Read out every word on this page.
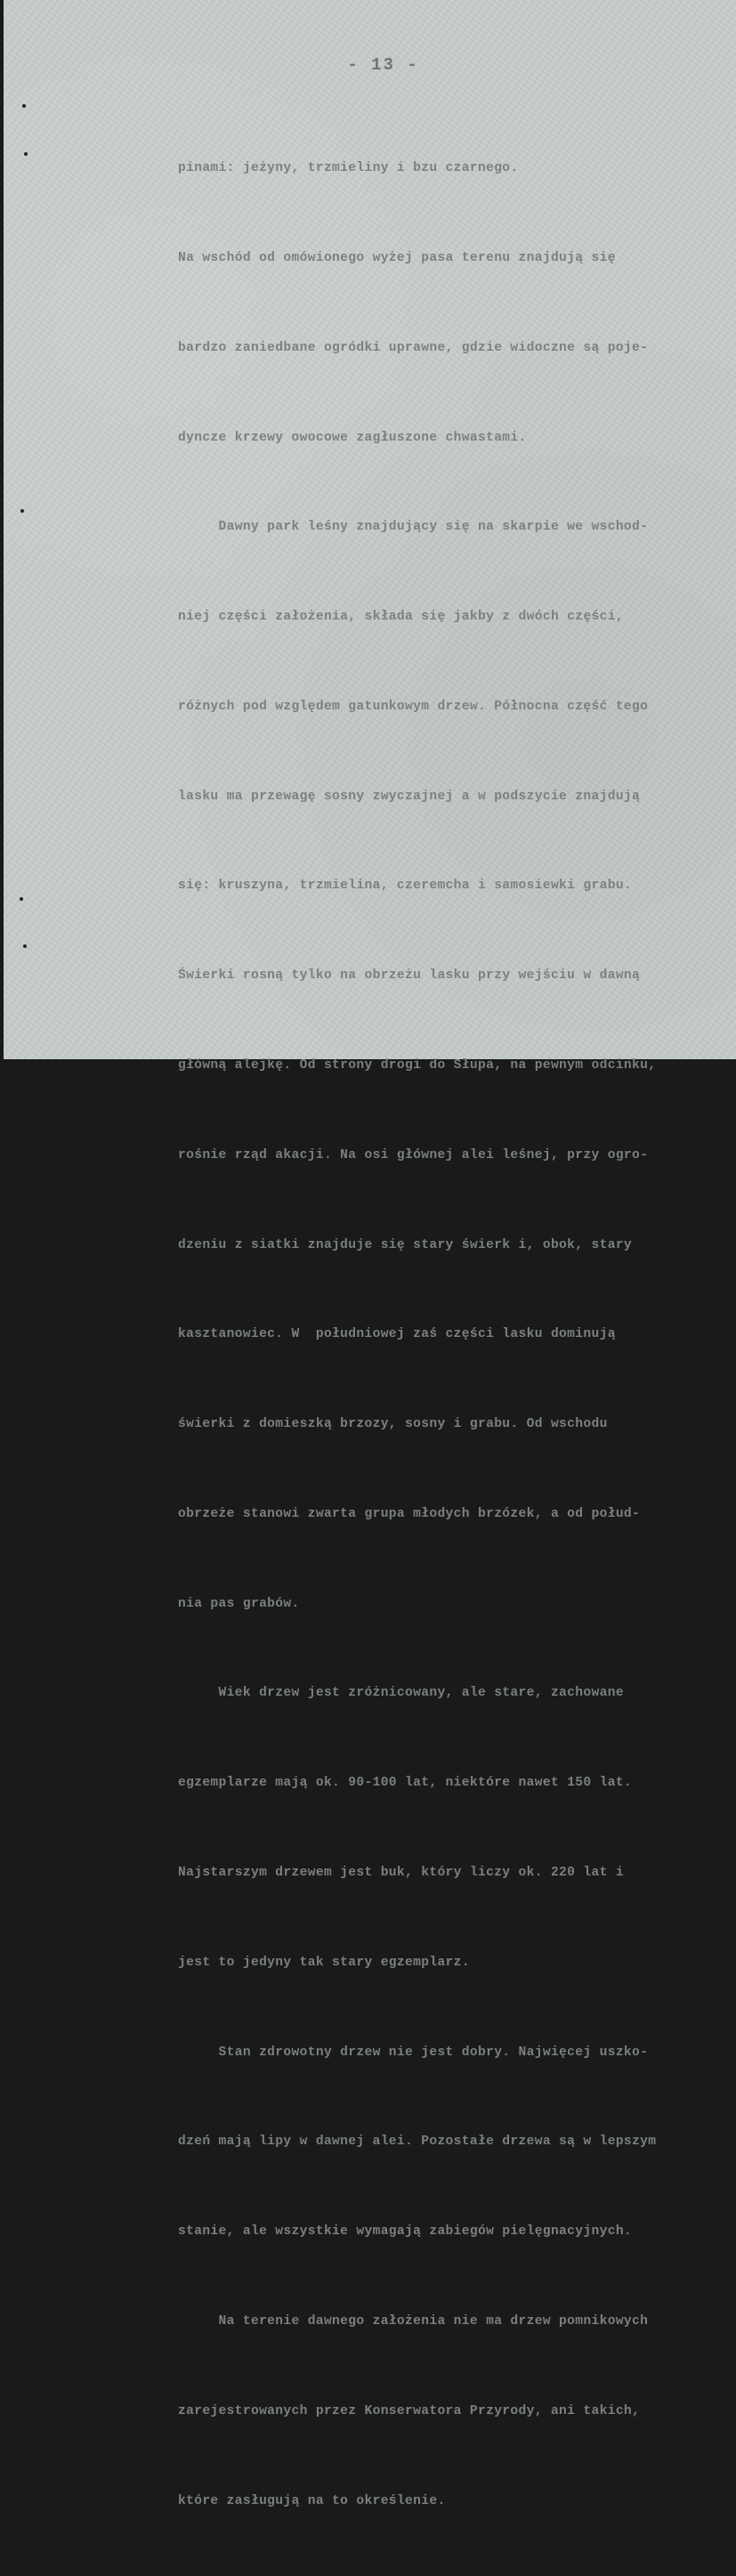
- 13 -

pinami: jeżyny, trzmieliny i bzu czarnego.

Na wschód od omówionego wyżej pasa terenu znajdują się

bardzo zaniedbane ogródki uprawne, gdzie widoczne są poje-

dyncze krzewy owocowe zagłuszone chwastami.

Dawny park leśny znajdujący się na skarpie we wschod-

niej części założenia, składa się jakby z dwóch części,

różnych pod względem gatunkowym drzew. Północna część tego

lasku ma przewagę sosny zwyczajnej a w podszycie znajdują

się: kruszyna, trzmielina, czeremcha i samosiewki grabu.

Świerki rosną tylko na obrzeżu lasku przy wejściu w dawną

główną alejkę. Od strony drogi do Słupa, na pewnym odcinku,

rośnie rząd akacji. Na osi głównej alei leśnej, przy ogro-

dzeniu z siatki znajduje się stary świerk i, obok, stary

kasztanowiec. W  południowej zaś części lasku dominują

świerki z domieszką brzozy, sosny i grabu. Od wschodu

obrzeże stanowi zwarta grupa młodych brzózek, a od połud-

nia pas grabów.

Wiek drzew jest zróżnicowany, ale stare, zachowane

egzemplarze mają ok. 90-100 lat, niektóre nawet 150 lat.

Najstarszym drzewem jest buk, który liczy ok. 220 lat i

jest to jedyny tak stary egzemplarz.

Stan zdrowotny drzew nie jest dobry. Najwięcej uszko-

dzeń mają lipy w dawnej alei. Pozostałe drzewa są w lepszym

stanie, ale wszystkie wymagają zabiegów pielęgnacyjnych.

Na terenie dawnego założenia nie ma drzew pomnikowych

zarejestrowanych przez Konserwatora Przyrody, ani takich,

które zasługują na to określenie.
